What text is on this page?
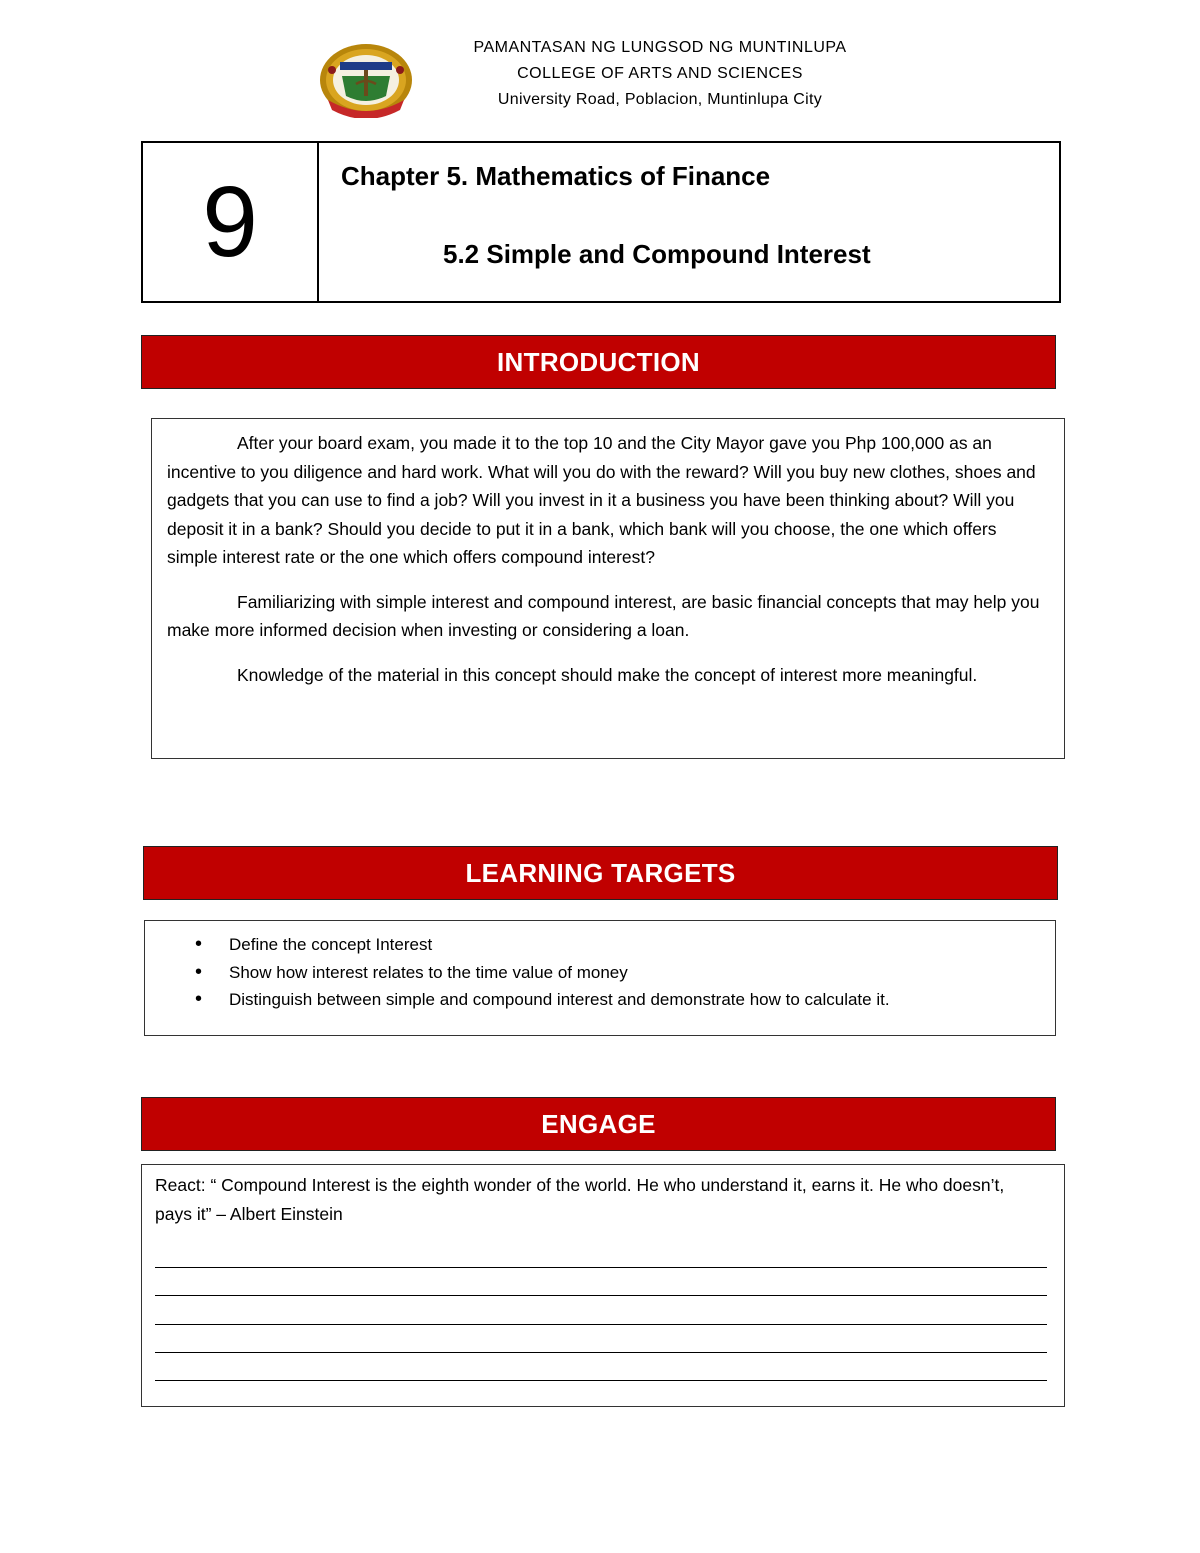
PAMANTASAN NG LUNGSOD NG MUNTINLUPA
COLLEGE OF ARTS AND SCIENCES
University Road, Poblacion, Muntinlupa City
9	Chapter 5. Mathematics of Finance
5.2 Simple and Compound Interest
INTRODUCTION

After your board exam, you made it to the top 10 and the City Mayor gave you Php 100,000 as an incentive to you diligence and hard work. What will you do with the reward? Will you buy new clothes, shoes and gadgets that you can use to find a job? Will you invest in it a business you have been thinking about? Will you deposit it in a bank? Should you decide to put it in a bank, which bank will you choose, the one which offers simple interest rate or the one which offers compound interest?

Familiarizing with simple interest and compound interest, are basic financial concepts that may help you make more informed decision when investing or considering a loan.

Knowledge of the material in this concept should make the concept of interest more meaningful.

LEARNING TARGETS
• Define the concept Interest
• Show how interest relates to the time value of money
• Distinguish between simple and compound interest and demonstrate how to calculate it.
ENGAGE
React: “ Compound Interest is the eighth wonder of the world. He who understand it, earns it. He who doesn’t, pays it” – Albert Einstein
